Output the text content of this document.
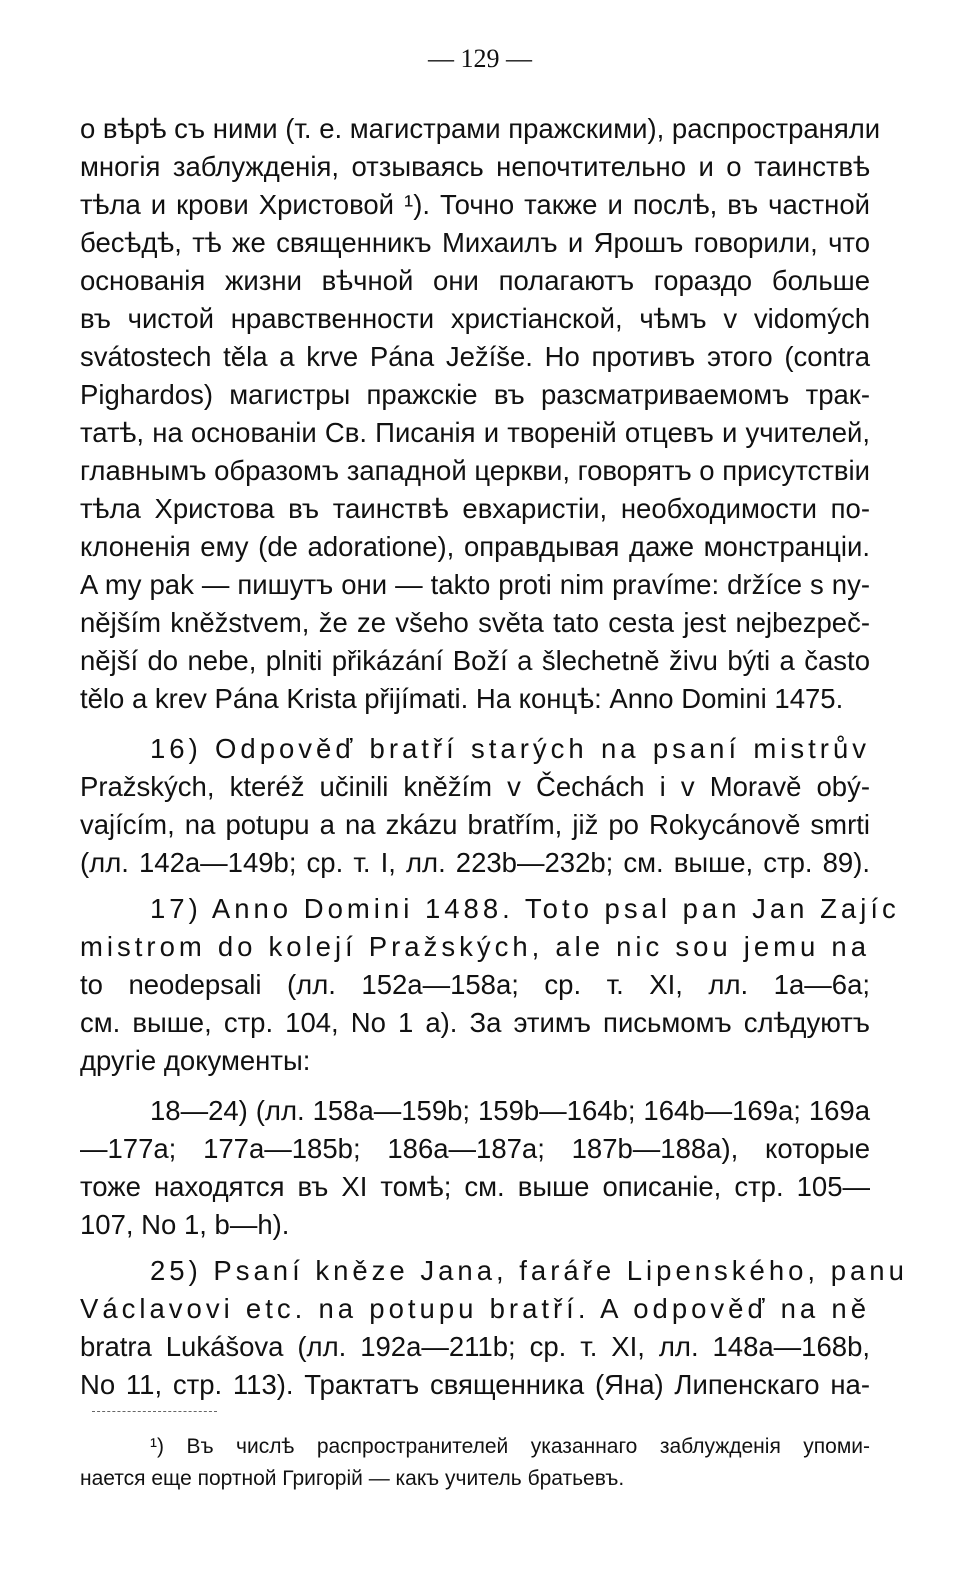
— 129 —
о вѣрѣ съ ними (т. е. магистрами пражскими), распространяли
многія заблужденія, отзываясь непочтительно и о таинствѣ
тѣла и крови Христовой ¹). Точно также и послѣ, въ частной
бесѣдѣ, тѣ же священникъ Михаилъ и Ярошъ говорили, что
основанія жизни вѣчной они полагаютъ гораздо больше
въ чистой нравственности христіанской, чѣмъ v vidomých
svátostech těla a krve Pána Ježíše. Но противъ этого (contra
Pighardos) магистры пражскіе въ разсматриваемомъ трак-
татѣ, на основаніи Св. Писанія и твореній отцевъ и учителей,
главнымъ образомъ западной церкви, говорятъ о присутствіи
тѣла Христова въ таинствѣ евхаристіи, необходимости по-
клоненія ему (de adoratione), оправдывая даже монстранціи.
A my pak — пишутъ они — takto proti nim pravíme: držíce s ny-
nějším kněžstvem, že ze všeho světa tato cesta jest nejbezpeč-
nější do nebe, plniti přikázání Boží a šlechetně živu býti a často
tělo a krev Pána Krista přijímati. На концѣ: Anno Domini 1475.
16) Odpověď bratří starých na psaní mistrův
Pražských, kteréž učinili kněžím v Čechách i v Moravě obý-
vajícím, na potupu a na zkázu bratřím, již po Rokycánově smrti
(лл. 142a—149b; ср. т. I, лл. 223b—232b; см. выше, стр. 89).
17) Anno Domini 1488. Toto psal pan Jan Zajíc
mistrom do kolejí Pražských, ale nic sou jemu na
to neodepsali (лл. 152a—158a; ср. т. XI, лл. 1a—6a;
см. выше, стр. 104, No 1 a). За этимъ письмомъ слѣдуютъ
другіе документы:
18—24) (лл. 158a—159b; 159b—164b; 164b—169a; 169a
—177a; 177a—185b; 186a—187a; 187b—188a), которые
тоже находятся въ XI томѣ; см. выше описаніе, стр. 105—
107, No 1, b—h).
25) Psaní kněze Jana, faráře Lipenského, panu
Václavovi etc. na potupu bratří. A odpověď na ně
bratra Lukášova (лл. 192a—211b; ср. т. XI, лл. 148a—168b,
No 11, стр. 113). Трактатъ священника (Яна) Липенскаго на-
¹) Въ числѣ распространителей указаннаго заблужденія упоми-
нается еще портной Григорій — какъ учитель братьевъ.
